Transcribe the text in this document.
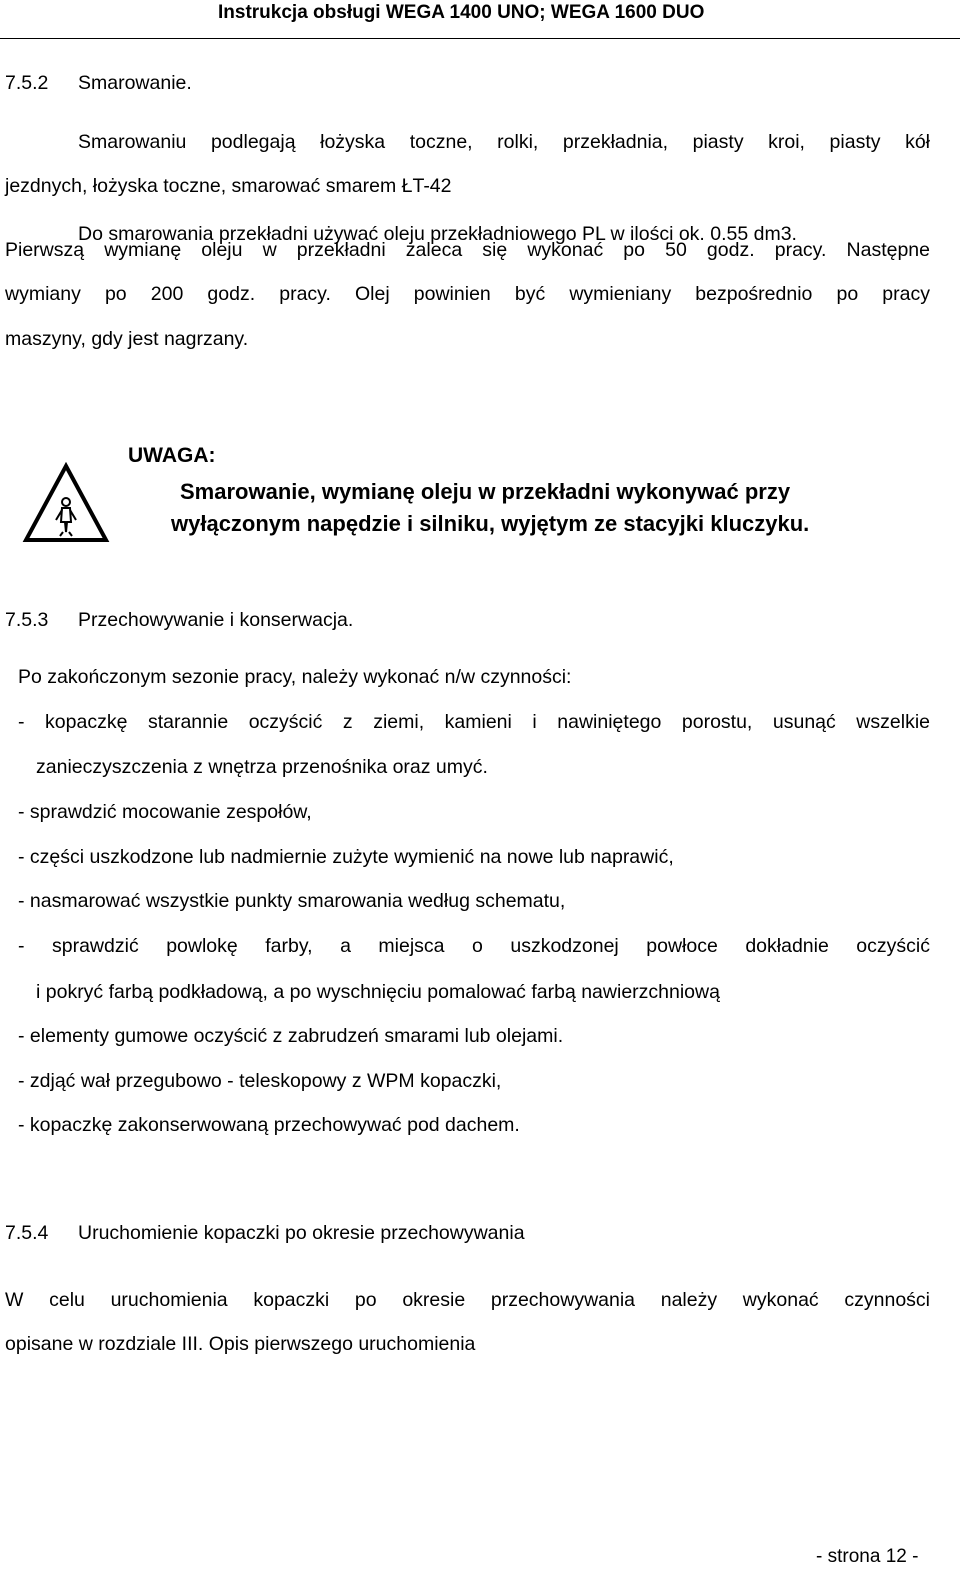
Instrukcja obsługi WEGA 1400 UNO; WEGA 1600 DUO
7.5.2 Smarowanie.
Smarowaniu podlegają łożyska toczne, rolki, przekładnia, piasty kroi, piasty kół
jezdnych, łożyska toczne, smarować smarem ŁT-42
Do smarowania przekładni używać oleju przekładniowego PL w ilości ok. 0.55 dm3.
Pierwszą wymianę oleju w przekładni zaleca się wykonać po 50 godz. pracy. Następne
wymiany po 200 godz. pracy. Olej powinien być wymieniany bezpośrednio po pracy
maszyny, gdy jest nagrzany.
UWAGA:
Smarowanie, wymianę oleju w przekładni wykonywać przy
wyłączonym napędzie i silniku, wyjętym ze stacyjki kluczyku.
7.5.3 Przechowywanie i konserwacja.
Po zakończonym sezonie pracy, należy wykonać n/w czynności:
- kopaczkę starannie oczyścić z ziemi, kamieni i nawiniętego porostu, usunąć wszelkie
zanieczyszczenia z wnętrza przenośnika oraz umyć.
- sprawdzić mocowanie zespołów,
- części uszkodzone lub nadmiernie zużyte wymienić na nowe lub naprawić,
- nasmarować wszystkie punkty smarowania według schematu,
- sprawdzić powlokę farby, a miejsca o uszkodzonej powłoce dokładnie oczyścić
i pokryć farbą podkładową, a po wyschnięciu pomalować farbą nawierzchniową
- elementy gumowe oczyścić z zabrudzeń smarami lub olejami.
- zdjąć wał przegubowo - teleskopowy z WPM kopaczki,
- kopaczkę zakonserwowaną przechowywać pod dachem.
7.5.4 Uruchomienie kopaczki po okresie przechowywania
W celu uruchomienia kopaczki po okresie przechowywania należy wykonać czynności
opisane w rozdziale III. Opis pierwszego uruchomienia
- strona 12 -
